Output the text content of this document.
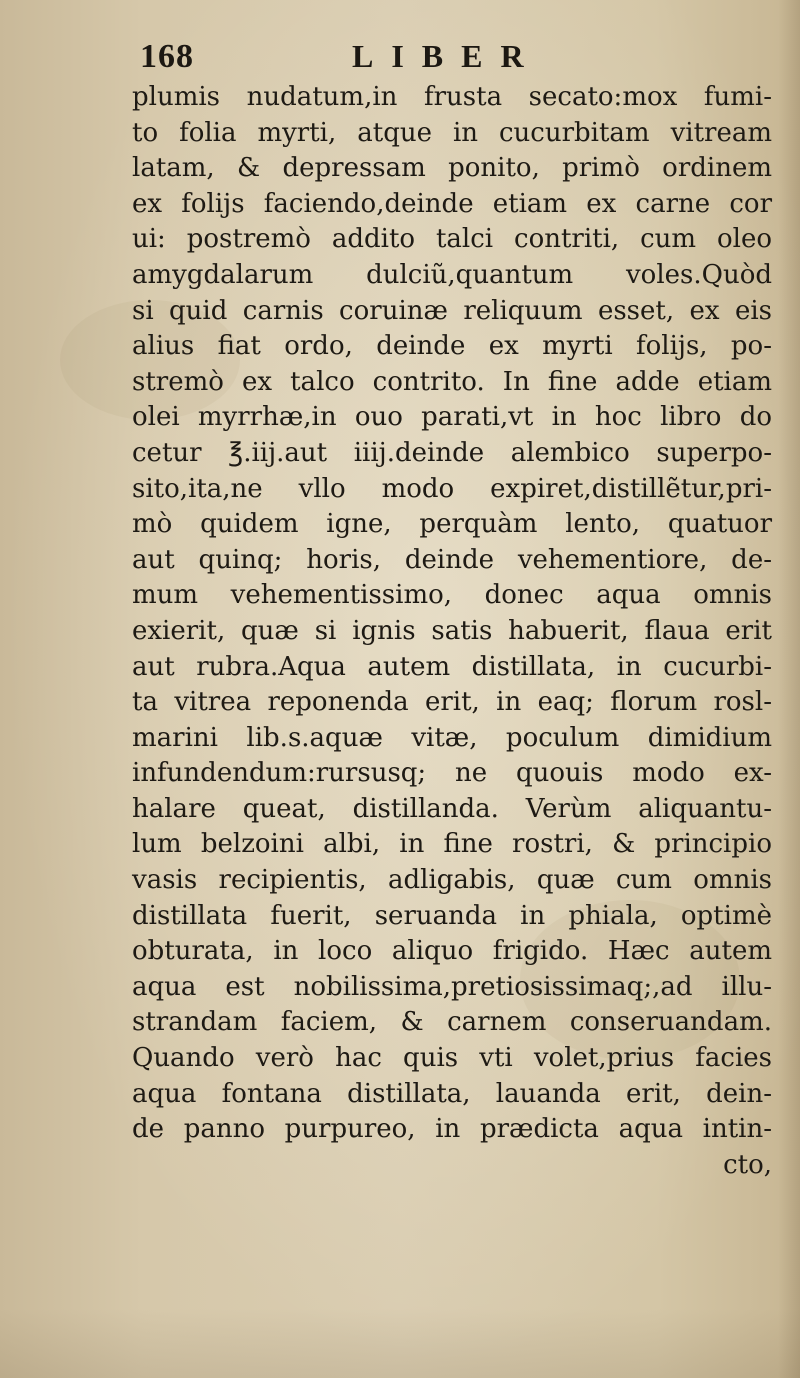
168	LIBER
plumis nudatum,in frusta secato:mox fumi-
to folia myrti, atque in cucurbitam vitream
latam, & depressam ponito, primò ordinem
ex folijs faciendo,deinde etiam ex carne cor
ui: postremò addito talci contriti, cum oleo
amygdalarum dulciũ,quantum voles.Quòd
si quid carnis coruinæ reliquum esset, ex eis
alius fiat ordo, deinde ex myrti folijs, po-
stremò ex talco contrito. In fine adde etiam
olei myrrhæ,in ouo parati,vt in hoc libro do
cetur ℥.iij.aut iiij.deinde alembico superpo-
sito,ita,ne vllo modo expiret,distillẽtur,pri-
mò quidem igne, perquàm lento, quatuor
aut quinq; horis, deinde vehementiore, de-
mum vehementissimo, donec aqua omnis
exierit, quæ si ignis satis habuerit, flaua erit
aut rubra.Aqua autem distillata, in cucurbi-
ta vitrea reponenda erit, in eaq; florum rosl-
marini lib.s.aquæ vitæ, poculum dimidium
infundendum:rursusq; ne quouis modo ex-
halare queat, distillanda. Verùm aliquantu-
lum belzoini albi, in fine rostri, & principio
vasis recipientis, adligabis, quæ cum omnis
distillata fuerit, seruanda in phiala, optimè
obturata, in loco aliquo frigido. Hæc autem
aqua est nobilissima,pretiosissimaq;,ad illu-
strandam faciem, & carnem conseruandam.
Quando verò hac quis vti volet,prius facies
aqua fontana distillata, lauanda erit, dein-
de panno purpureo, in prædicta aqua intin-
cto,
